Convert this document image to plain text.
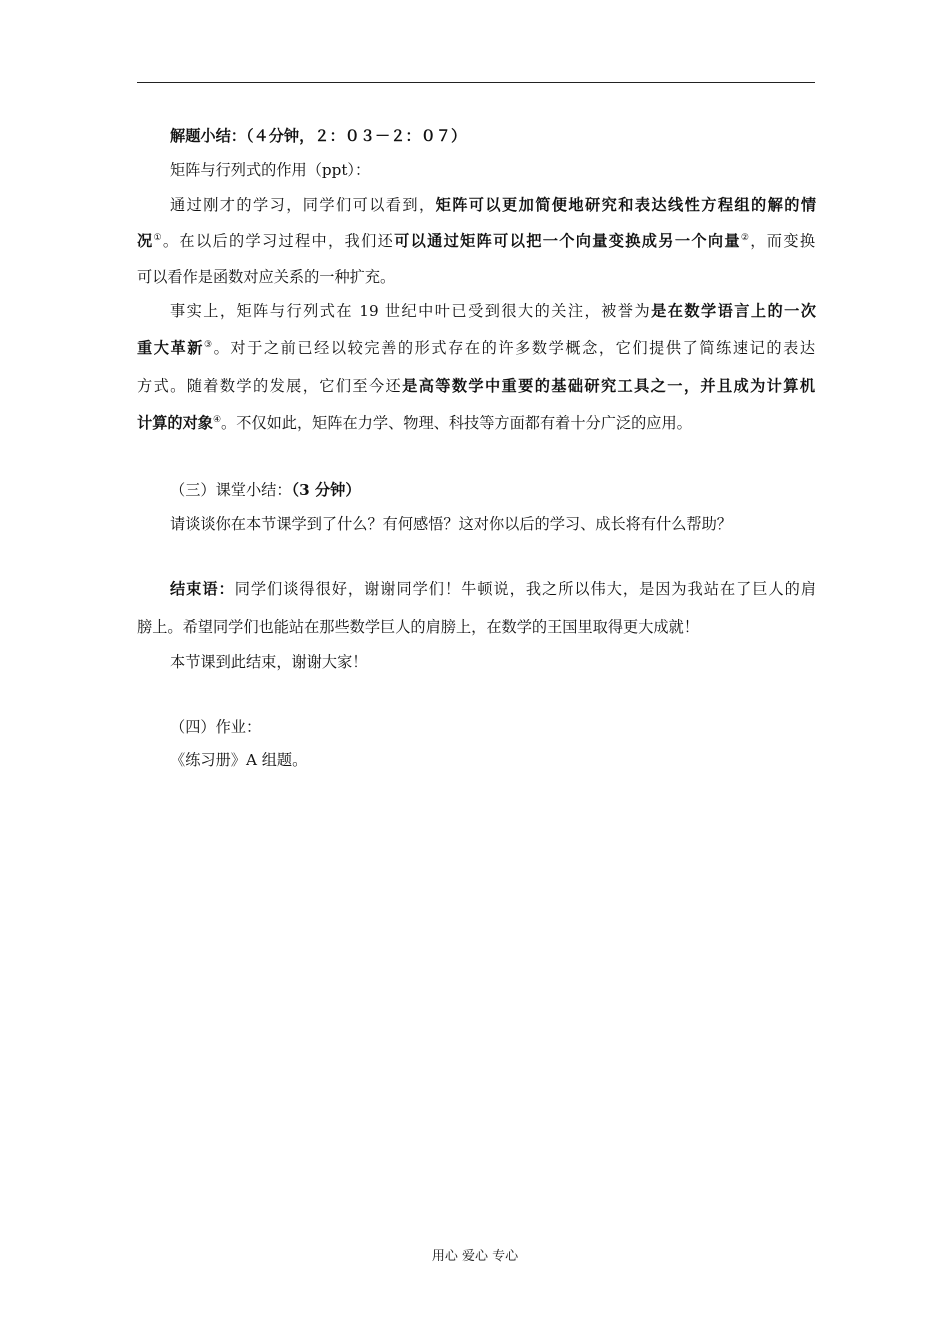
解题小结：（４分钟，２：０３－２：０７）
矩阵与行列式的作用（ppt）：
通过刚才的学习，同学们可以看到，矩阵可以更加简便地研究和表达线性方程组的解的情
况①。在以后的学习过程中，我们还可以通过矩阵可以把一个向量变换成另一个向量②，而变换
可以看作是函数对应关系的一种扩充。
事实上，矩阵与行列式在 19 世纪中叶已受到很大的关注，被誉为是在数学语言上的一次
重大革新③。对于之前已经以较完善的形式存在的许多数学概念，它们提供了简练速记的表达
方式。随着数学的发展，它们至今还是高等数学中重要的基础研究工具之一，并且成为计算机
计算的对象④。不仅如此，矩阵在力学、物理、科技等方面都有着十分广泛的应用。
（三）课堂小结：（3 分钟）
请谈谈你在本节课学到了什么？有何感悟？这对你以后的学习、成长将有什么帮助？
结束语：同学们谈得很好，谢谢同学们！牛顿说，我之所以伟大，是因为我站在了巨人的肩
膀上。希望同学们也能站在那些数学巨人的肩膀上，在数学的王国里取得更大成就！
本节课到此结束，谢谢大家！
（四）作业：
《练习册》A 组题。
用心 爱心 专心
